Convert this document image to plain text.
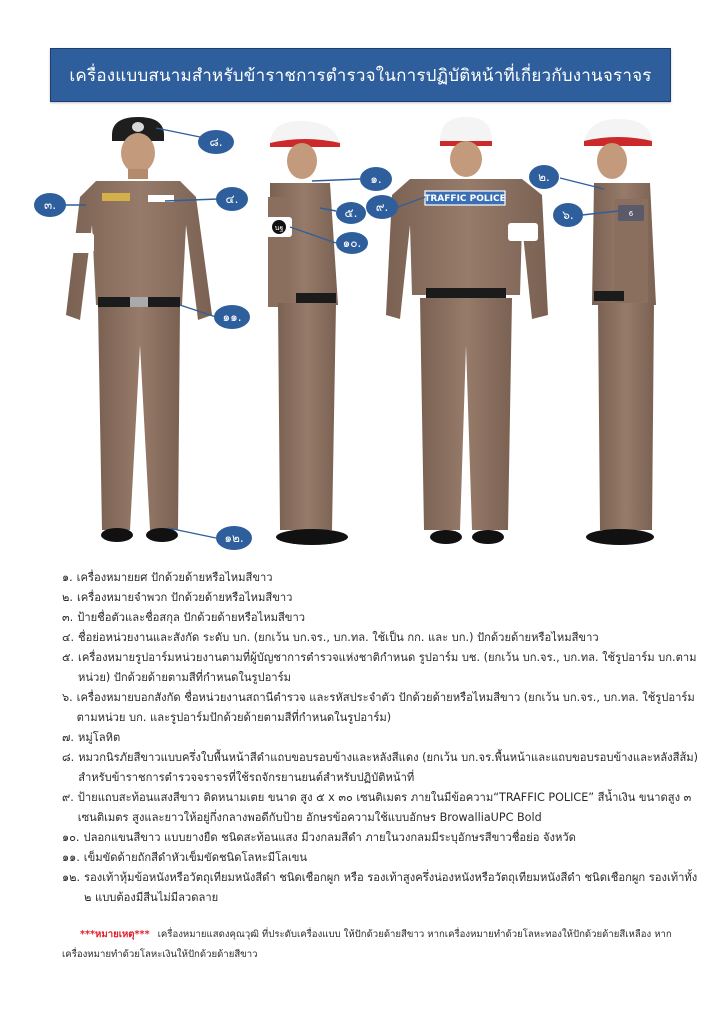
เครื่องแบบสนามสำหรับข้าราชการตำรวจในการปฏิบัติหน้าที่เกี่ยวกับงานจราจร
นฐ
TRAFFIC POLICE
6
๘.
๓.	๔.
๑๑.
๑๒.
๑.
๕.
๑๐.
๙.
๒.
๖.
๑. เครื่องหมายยศ ปักด้วยด้ายหรือไหมสีขาว
๒. เครื่องหมายจำพวก ปักด้วยด้ายหรือไหมสีขาว
๓. ป้ายชื่อตัวและชื่อสกุล ปักด้วยด้ายหรือไหมสีขาว
๔. ชื่อย่อหน่วยงานและสังกัด ระดับ บก. (ยกเว้น บก.จร., บก.ทล. ใช้เป็น กก. และ บก.) ปักด้วยด้ายหรือไหมสีขาว
๕. เครื่องหมายรูปอาร์มหน่วยงานตามที่ผู้บัญชาการตำรวจแห่งชาติกำหนด รูปอาร์ม บช. (ยกเว้น บก.จร., บก.ทล. ใช้รูปอาร์ม บก.ตามหน่วย) ปักด้วยด้ายตามสีที่กำหนดในรูปอาร์ม
๖. เครื่องหมายบอกสังกัด ชื่อหน่วยงานสถานีตำรวจ และรหัสประจำตัว ปักด้วยด้ายหรือไหมสีขาว (ยกเว้น บก.จร., บก.ทล. ใช้รูปอาร์มตามหน่วย บก. และรูปอาร์มปักด้วยด้ายตามสีที่กำหนดในรูปอาร์ม)
๗. หมู่โลหิต
๘. หมวกนิรภัยสีขาวแบบครึ่งใบพื้นหน้าสีดำแถบขอบรอบข้างและหลังสีแดง (ยกเว้น บก.จร.พื้นหน้าและแถบขอบรอบข้างและหลังสีส้ม) สำหรับข้าราชการตำรวจจราจรที่ใช้รถจักรยานยนต์สำหรับปฏิบัติหน้าที่
๙. ป้ายแถบสะท้อนแสงสีขาว ติดหนามเตย ขนาด สูง ๕ x ๓๐ เซนติเมตร ภายในมีข้อความ“TRAFFIC POLICE” สีน้ำเงิน ขนาดสูง ๓ เซนติเมตร สูงและยาวให้อยู่กึ่งกลางพอดีกับป้าย อักษรข้อความใช้แบบอักษร BrowalliaUPC Bold
๑๐. ปลอกแขนสีขาว แบบยางยืด ชนิดสะท้อนแสง มีวงกลมสีดำ ภายในวงกลมมีระบุอักษรสีขาวชื่อย่อ จังหวัด
๑๑. เข็มขัดด้ายถักสีดำหัวเข็มขัดชนิดโลหะมีโลเขน
๑๒. รองเท้าหุ้มข้อหนังหรือวัตถุเทียมหนังสีดำ ชนิดเชือกผูก หรือ รองเท้าสูงครึ่งน่องหนังหรือวัตถุเทียมหนังสีดำ ชนิดเชือกผูก รองเท้าทั้ง ๒ แบบต้องมีสีนไม่มีลวดลาย
***หมายเหตุ*** เครื่องหมายแสดงคุณวุฒิ ที่ประดับเครื่องแบบ ให้ปักด้วยด้ายสีขาว หากเครื่องหมายทำด้วยโลหะทองให้ปักด้วยด้ายสีเหลือง หากเครื่องหมายทำด้วยโลหะเงินให้ปักด้วยด้ายสีขาว
